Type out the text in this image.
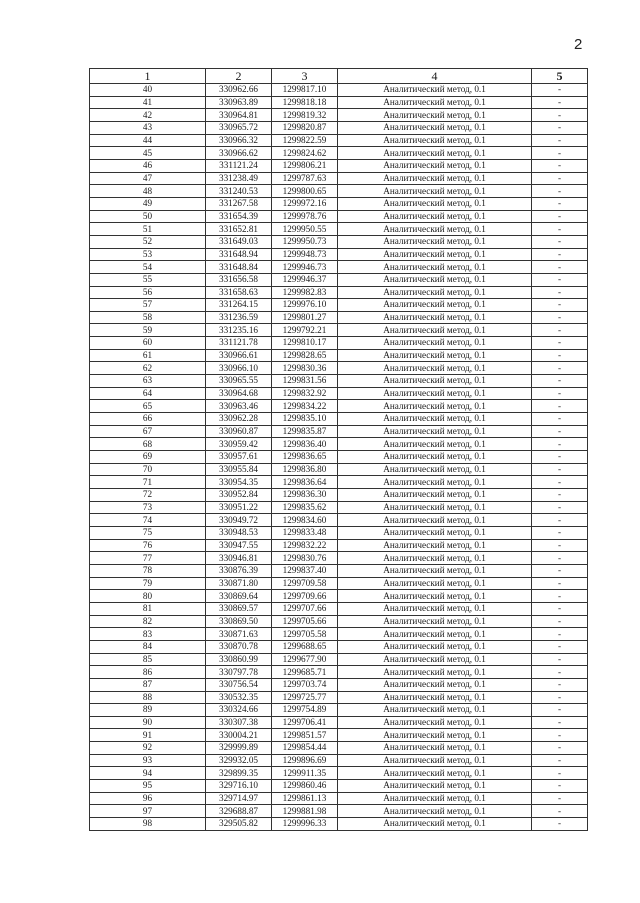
2
1	2	3	4	5
40	330962.66	1299817.10	Аналитический метод, 0.1	-
41	330963.89	1299818.18	Аналитический метод, 0.1	-
42	330964.81	1299819.32	Аналитический метод, 0.1	-
43	330965.72	1299820.87	Аналитический метод, 0.1	-
44	330966.32	1299822.59	Аналитический метод, 0.1	-
45	330966.62	1299824.62	Аналитический метод, 0.1	-
46	331121.24	1299806.21	Аналитический метод, 0.1	-
47	331238.49	1299787.63	Аналитический метод, 0.1	-
48	331240.53	1299800.65	Аналитический метод, 0.1	-
49	331267.58	1299972.16	Аналитический метод, 0.1	-
50	331654.39	1299978.76	Аналитический метод, 0.1	-
51	331652.81	1299950.55	Аналитический метод, 0.1	-
52	331649.03	1299950.73	Аналитический метод, 0.1	-
53	331648.94	1299948.73	Аналитический метод, 0.1	-
54	331648.84	1299946.73	Аналитический метод, 0.1	-
55	331656.58	1299946.37	Аналитический метод, 0.1	-
56	331658.63	1299982.83	Аналитический метод, 0.1	-
57	331264.15	1299976.10	Аналитический метод, 0.1	-
58	331236.59	1299801.27	Аналитический метод, 0.1	-
59	331235.16	1299792.21	Аналитический метод, 0.1	-
60	331121.78	1299810.17	Аналитический метод, 0.1	-
61	330966.61	1299828.65	Аналитический метод, 0.1	-
62	330966.10	1299830.36	Аналитический метод, 0.1	-
63	330965.55	1299831.56	Аналитический метод, 0.1	-
64	330964.68	1299832.92	Аналитический метод, 0.1	-
65	330963.46	1299834.22	Аналитический метод, 0.1	-
66	330962.28	1299835.10	Аналитический метод, 0.1	-
67	330960.87	1299835.87	Аналитический метод, 0.1	-
68	330959.42	1299836.40	Аналитический метод, 0.1	-
69	330957.61	1299836.65	Аналитический метод, 0.1	-
70	330955.84	1299836.80	Аналитический метод, 0.1	-
71	330954.35	1299836.64	Аналитический метод, 0.1	-
72	330952.84	1299836.30	Аналитический метод, 0.1	-
73	330951.22	1299835.62	Аналитический метод, 0.1	-
74	330949.72	1299834.60	Аналитический метод, 0.1	-
75	330948.53	1299833.48	Аналитический метод, 0.1	-
76	330947.55	1299832.22	Аналитический метод, 0.1	-
77	330946.81	1299830.76	Аналитический метод, 0.1	-
78	330876.39	1299837.40	Аналитический метод, 0.1	-
79	330871.80	1299709.58	Аналитический метод, 0.1	-
80	330869.64	1299709.66	Аналитический метод, 0.1	-
81	330869.57	1299707.66	Аналитический метод, 0.1	-
82	330869.50	1299705.66	Аналитический метод, 0.1	-
83	330871.63	1299705.58	Аналитический метод, 0.1	-
84	330870.78	1299688.65	Аналитический метод, 0.1	-
85	330860.99	1299677.90	Аналитический метод, 0.1	-
86	330797.78	1299685.71	Аналитический метод, 0.1	-
87	330756.54	1299703.74	Аналитический метод, 0.1	-
88	330532.35	1299725.77	Аналитический метод, 0.1	-
89	330324.66	1299754.89	Аналитический метод, 0.1	-
90	330307.38	1299706.41	Аналитический метод, 0.1	-
91	330004.21	1299851.57	Аналитический метод, 0.1	-
92	329999.89	1299854.44	Аналитический метод, 0.1	-
93	329932.05	1299896.69	Аналитический метод, 0.1	-
94	329899.35	1299911.35	Аналитический метод, 0.1	-
95	329716.10	1299860.46	Аналитический метод, 0.1	-
96	329714.97	1299861.13	Аналитический метод, 0.1	-
97	329688.87	1299881.98	Аналитический метод, 0.1	-
98	329505.82	1299996.33	Аналитический метод, 0.1	-
